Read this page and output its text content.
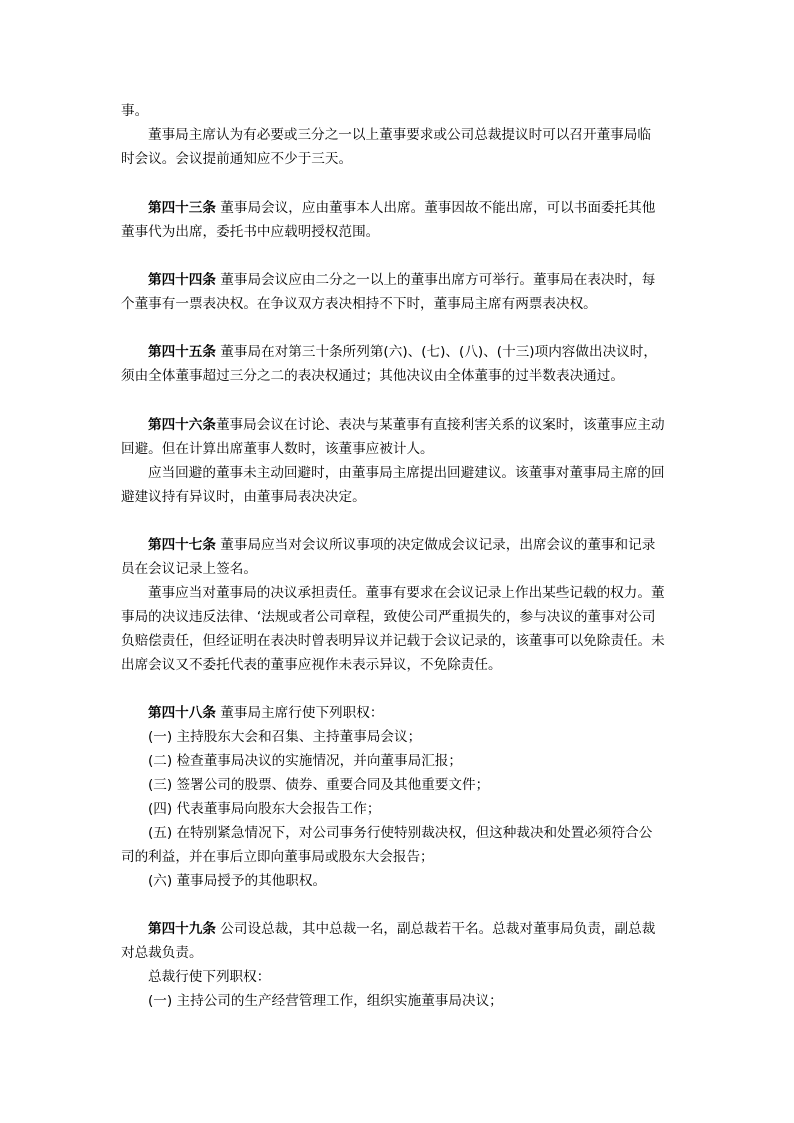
事。
董事局主席认为有必要或三分之一以上董事要求或公司总裁提议时可以召开董事局临
时会议。会议提前通知应不少于三天。
第四十三条 董事局会议，应由董事本人出席。董事因故不能出席，可以书面委托其他
董事代为出席，委托书中应载明授权范围。
第四十四条 董事局会议应由二分之一以上的董事出席方可举行。董事局在表决时，每
个董事有一票表决权。在争议双方表决相持不下时，董事局主席有两票表决权。
第四十五条 董事局在对第三十条所列第(六)、(七)、(八)、(十三)项内容做出决议时，
须由全体董事超过三分之二的表决权通过；其他决议由全体董事的过半数表决通过。
第四十六条董事局会议在讨论、表决与某董事有直接利害关系的议案时，该董事应主动
回避。但在计算出席董事人数时，该董事应被计人。
应当回避的董事未主动回避时，由董事局主席提出回避建议。该董事对董事局主席的回
避建议持有异议时，由董事局表决决定。
第四十七条 董事局应当对会议所议事项的决定做成会议记录，出席会议的董事和记录
员在会议记录上签名。
董事应当对董事局的决议承担责任。董事有要求在会议记录上作出某些记载的权力。董
事局的决议违反法律、‘法规或者公司章程，致使公司严重损失的，参与决议的董事对公司
负赔偿责任，但经证明在表决时曾表明异议并记载于会议记录的，该董事可以免除责任。未
出席会议又不委托代表的董事应视作未表示异议，不免除责任。
第四十八条 董事局主席行使下列职权：
(一) 主持股东大会和召集、主持董事局会议；
(二) 检查董事局决议的实施情况，并向董事局汇报；
(三) 签署公司的股票、债券、重要合同及其他重要文件；
(四) 代表董事局向股东大会报告工作；
(五) 在特别紧急情况下，对公司事务行使特别裁决权，但这种裁决和处置必须符合公
司的利益，并在事后立即向董事局或股东大会报告；
(六) 董事局授予的其他职权。
第四十九条 公司设总裁，其中总裁一名，副总裁若干名。总裁对董事局负责，副总裁
对总裁负责。
总裁行使下列职权：
(一) 主持公司的生产经营管理工作，组织实施董事局决议；
